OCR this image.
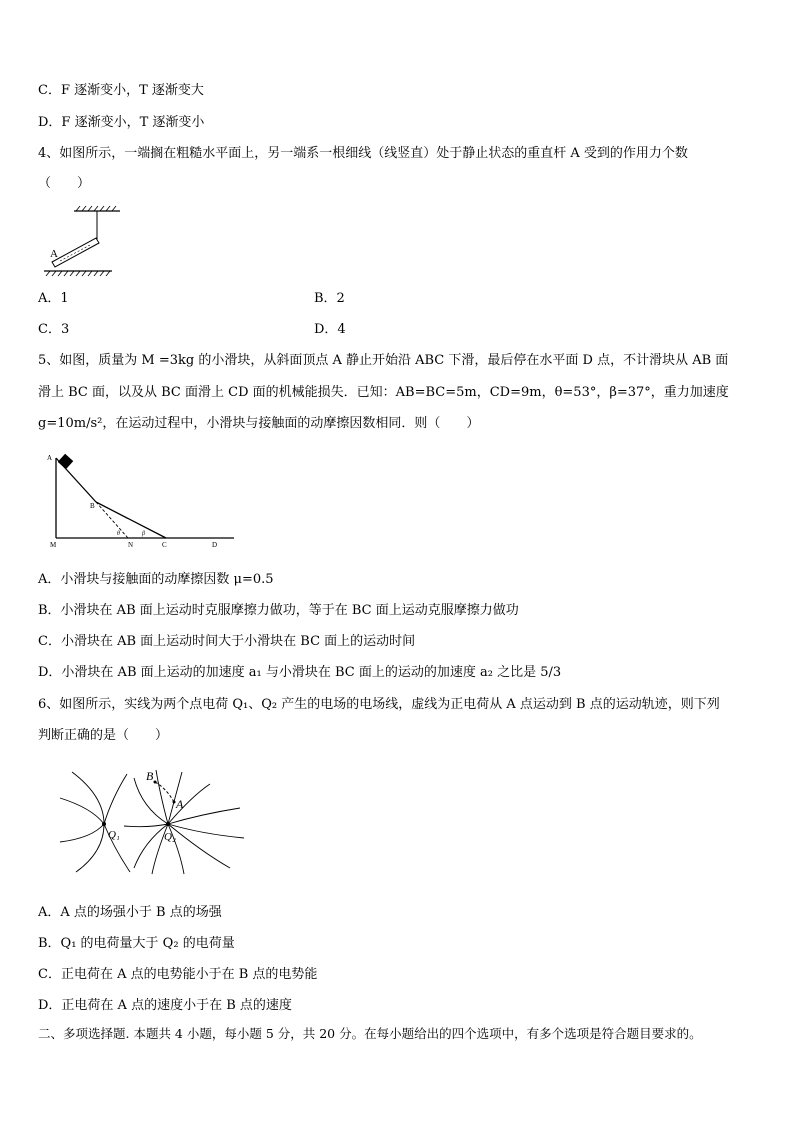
C．F 逐渐变小，T 逐渐变大
D．F 逐渐变小，T 逐渐变小
4、如图所示，一端搁在粗糙水平面上，另一端系一根细线（线竖直）处于静止状态的重直杆 A 受到的作用力个数
（　　）
A
A．1	B．2
C．3	D．4
5、如图，质量为 M =3kg 的小滑块，从斜面顶点 A 静止开始沿 ABC 下滑，最后停在水平面 D 点，不计滑块从 AB 面
滑上 BC 面，以及从 BC 面滑上 CD 面的机械能损失．已知：AB=BC=5m，CD=9m，θ=53°，β=37°，重力加速度
g=10m/s²，在运动过程中，小滑块与接触面的动摩擦因数相同．则（　　）
A
B
M	N	C	D
θ	β
A．小滑块与接触面的动摩擦因数 μ=0.5
B．小滑块在 AB 面上运动时克服摩擦力做功，等于在 BC 面上运动克服摩擦力做功
C．小滑块在 AB 面上运动时间大于小滑块在 BC 面上的运动时间
D．小滑块在 AB 面上运动的加速度 a₁ 与小滑块在 BC 面上的运动的加速度 a₂ 之比是 5/3
6、如图所示，实线为两个点电荷 Q₁、Q₂ 产生的电场的电场线，虚线为正电荷从 A 点运动到 B 点的运动轨迹，则下列
判断正确的是（　　）
B
A
Q₁	Q₂
A．A 点的场强小于 B 点的场强
B．Q₁ 的电荷量大于 Q₂ 的电荷量
C．正电荷在 A 点的电势能小于在 B 点的电势能
D．正电荷在 A 点的速度小于在 B 点的速度
二、多项选择题. 本题共 4 小题，每小题 5 分，共 20 分。在每小题给出的四个选项中，有多个选项是符合题目要求的。
